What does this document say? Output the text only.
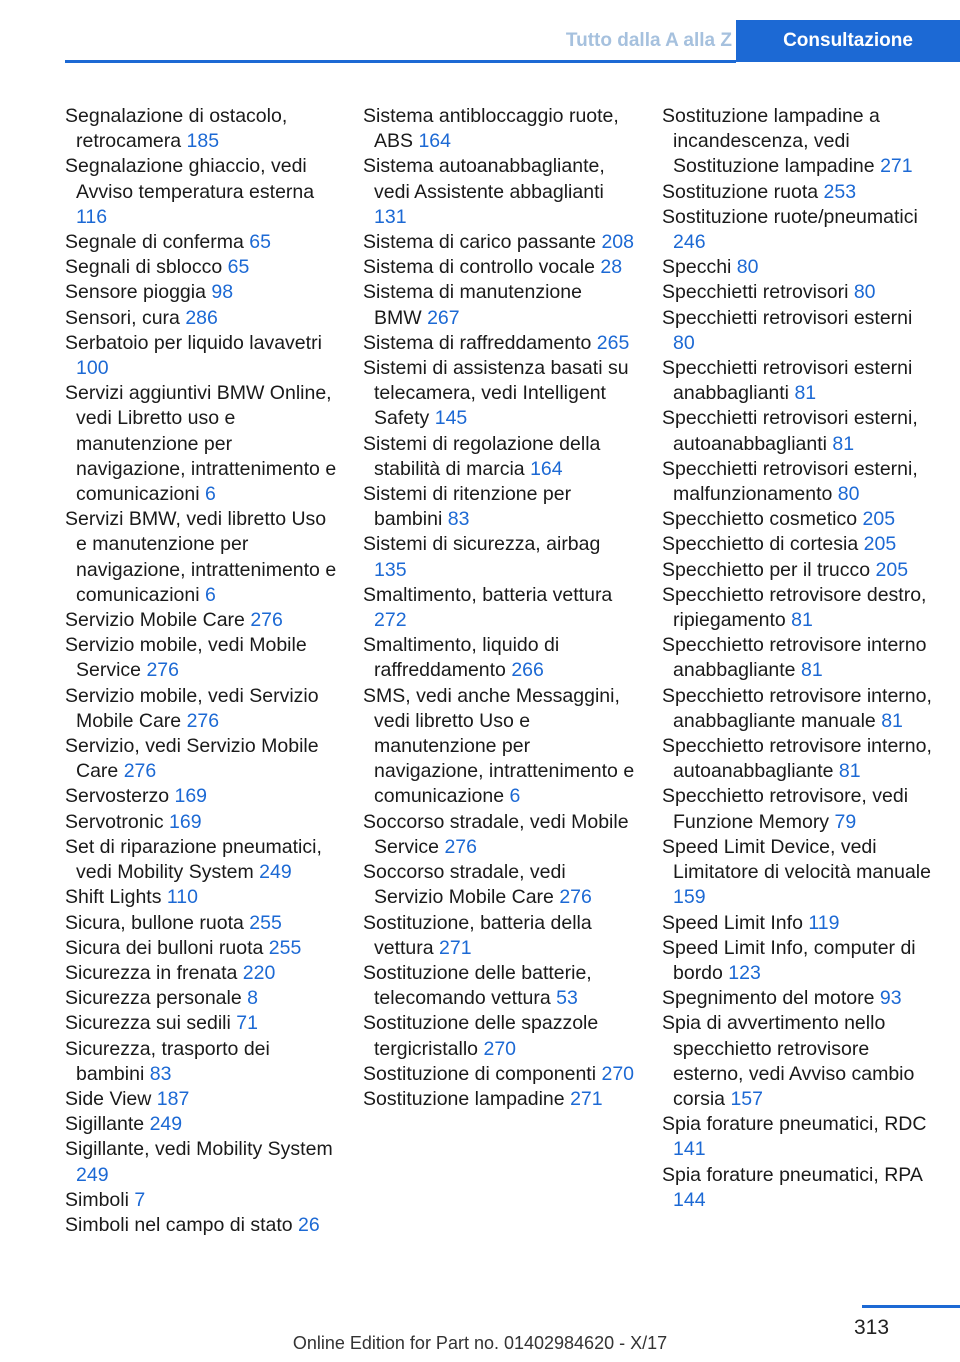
Tutto dalla A alla Z	Consultazione
Segnalazione di ostacolo, retrocamera 185
Segnalazione ghiaccio, vedi Avviso temperatura esterna 116
Segnale di conferma 65
Segnali di sblocco 65
Sensore pioggia 98
Sensori, cura 286
Serbatoio per liquido lavavetri 100
Servizi aggiuntivi BMW Online, vedi Libretto uso e manutenzione per navigazione, intrattenimento e comunicazioni 6
Servizi BMW, vedi libretto Uso e manutenzione per navigazione, intrattenimento e comunicazioni 6
Servizio Mobile Care 276
Servizio mobile, vedi Mobile Service 276
Servizio mobile, vedi Servizio Mobile Care 276
Servizio, vedi Servizio Mobile Care 276
Servosterzo 169
Servotronic 169
Set di riparazione pneumatici, vedi Mobility System 249
Shift Lights 110
Sicura, bullone ruota 255
Sicura dei bulloni ruota 255
Sicurezza in frenata 220
Sicurezza personale 8
Sicurezza sui sedili 71
Sicurezza, trasporto dei bambini 83
Side View 187
Sigillante 249
Sigillante, vedi Mobility System 249
Simboli 7
Simboli nel campo di stato 26
Sistema antibloccaggio ruote, ABS 164
Sistema autoanabbagliante, vedi Assistente abbaglianti 131
Sistema di carico passante 208
Sistema di controllo vocale 28
Sistema di manutenzione BMW 267
Sistema di raffreddamento 265
Sistemi di assistenza basati su telecamera, vedi Intelligent Safety 145
Sistemi di regolazione della stabilità di marcia 164
Sistemi di ritenzione per bambini 83
Sistemi di sicurezza, airbag 135
Smaltimento, batteria vettura 272
Smaltimento, liquido di raffreddamento 266
SMS, vedi anche Messaggini, vedi libretto Uso e manutenzione per navigazione, intrattenimento e comunicazione 6
Soccorso stradale, vedi Mobile Service 276
Soccorso stradale, vedi Servizio Mobile Care 276
Sostituzione, batteria della vettura 271
Sostituzione delle batterie, telecomando vettura 53
Sostituzione delle spazzole tergicristallo 270
Sostituzione di componenti 270
Sostituzione lampadine 271
Sostituzione lampadine a incandescenza, vedi Sostituzione lampadine 271
Sostituzione ruota 253
Sostituzione ruote/pneumatici 246
Specchi 80
Specchietti retrovisori 80
Specchietti retrovisori esterni 80
Specchietti retrovisori esterni anabbaglianti 81
Specchietti retrovisori esterni, autoanabbaglianti 81
Specchietti retrovisori esterni, malfunzionamento 80
Specchietto cosmetico 205
Specchietto di cortesia 205
Specchietto per il trucco 205
Specchietto retrovisore destro, ripiegamento 81
Specchietto retrovisore interno anabbagliante 81
Specchietto retrovisore interno, anabbagliante manuale 81
Specchietto retrovisore interno, autoanabbagliante 81
Specchietto retrovisore, vedi Funzione Memory 79
Speed Limit Device, vedi Limitatore di velocità manuale 159
Speed Limit Info 119
Speed Limit Info, computer di bordo 123
Spegnimento del motore 93
Spia di avvertimento nello specchietto retrovisore esterno, vedi Avviso cambio corsia 157
Spia forature pneumatici, RDC 141
Spia forature pneumatici, RPA 144
313
Online Edition for Part no. 01402984620 - X/17
